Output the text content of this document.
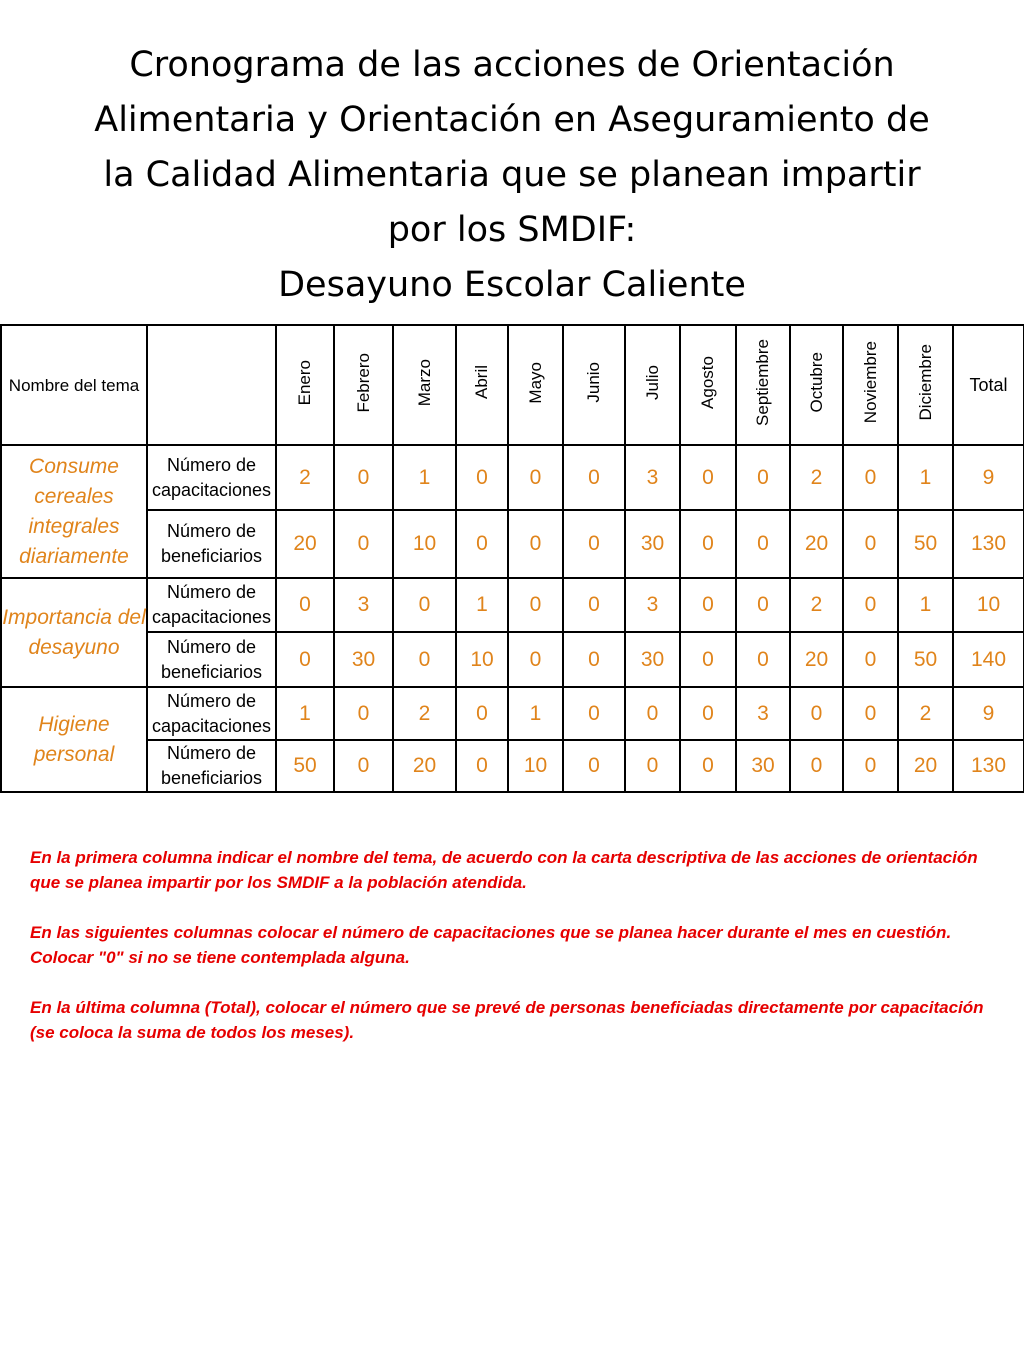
Cronograma de las acciones de Orientación
Alimentaria y Orientación en Aseguramiento de
la Calidad Alimentaria que se planean impartir
por los SMDIF:
Desayuno Escolar Caliente
Nombre del tema		Enero	Febrero	Marzo	Abril	Mayo	Junio	Julio	Agosto	Septiembre	Octubre	Noviembre	Diciembre	Total
Consume cereales integrales diariamente	Número de capacitaciones	2	0	1	0	0	0	3	0	0	2	0	1	9
	Número de beneficiarios	20	0	10	0	0	0	30	0	0	20	0	50	130
Importancia del desayuno	Número de capacitaciones	0	3	0	1	0	0	3	0	0	2	0	1	10
	Número de beneficiarios	0	30	0	10	0	0	30	0	0	20	0	50	140
Higiene personal	Número de capacitaciones	1	0	2	0	1	0	0	0	3	0	0	2	9
	Número de beneficiarios	50	0	20	0	10	0	0	0	30	0	0	20	130

En la primera columna indicar el nombre del tema, de acuerdo con la carta descriptiva de las acciones de orientación que se planea impartir por los SMDIF a la población atendida.

En las siguientes columnas colocar el número de capacitaciones que se planea hacer durante el mes en cuestión. Colocar "0" si no se tiene contemplada alguna.

En la última columna (Total), colocar el número que se prevé de personas beneficiadas directamente por capacitación (se coloca la suma de todos los meses).
